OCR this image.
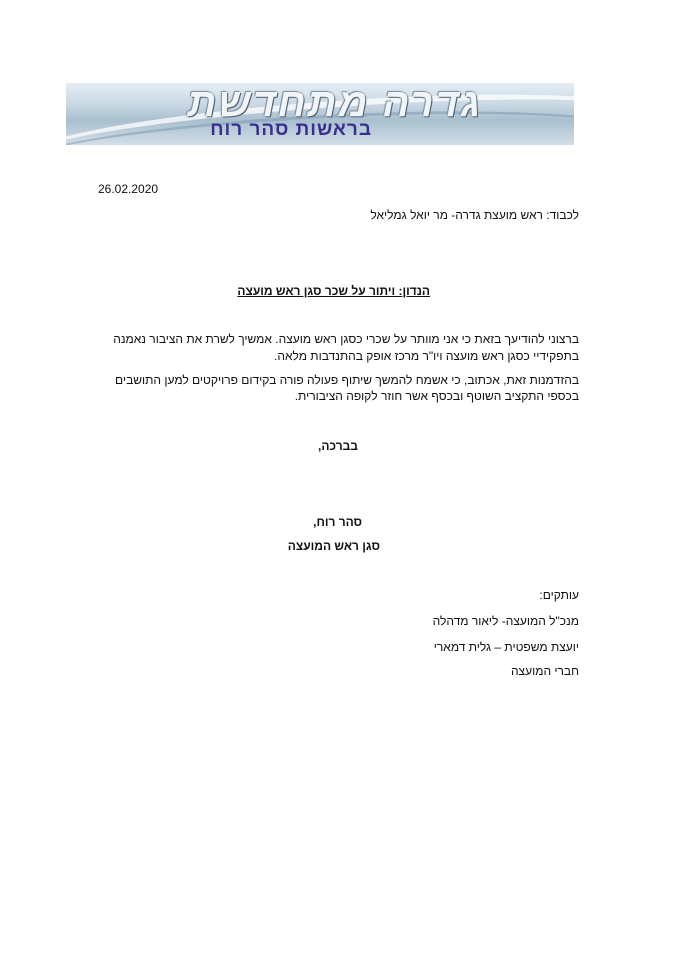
גדרה מתחדשת
בראשות סהר רוח
26.02.2020
לכבוד: ראש מועצת גדרה- מר יואל גמליאל
הנדון: ויתור על שכר סגן ראש מועצה
ברצוני להודיעך בזאת כי אני מוותר על שכרי כסגן ראש מועצה. אמשיך לשרת את הציבור נאמנה
בתפקידיי כסגן ראש מועצה ויו"ר מרכז אופק בהתנדבות מלאה.
בהזדמנות זאת, אכתוב, כי אשמח להמשך שיתוף פעולה פורה בקידום פרויקטים למען התושבים
בכספי התקציב השוטף ובכסף אשר חוזר לקופה הציבורית.
בברכה,
סהר רוח,
סגן ראש המועצה
עותקים:
מנכ"ל המועצה- ליאור מדהלה
יועצת משפטית – גלית דמארי
חברי המועצה
